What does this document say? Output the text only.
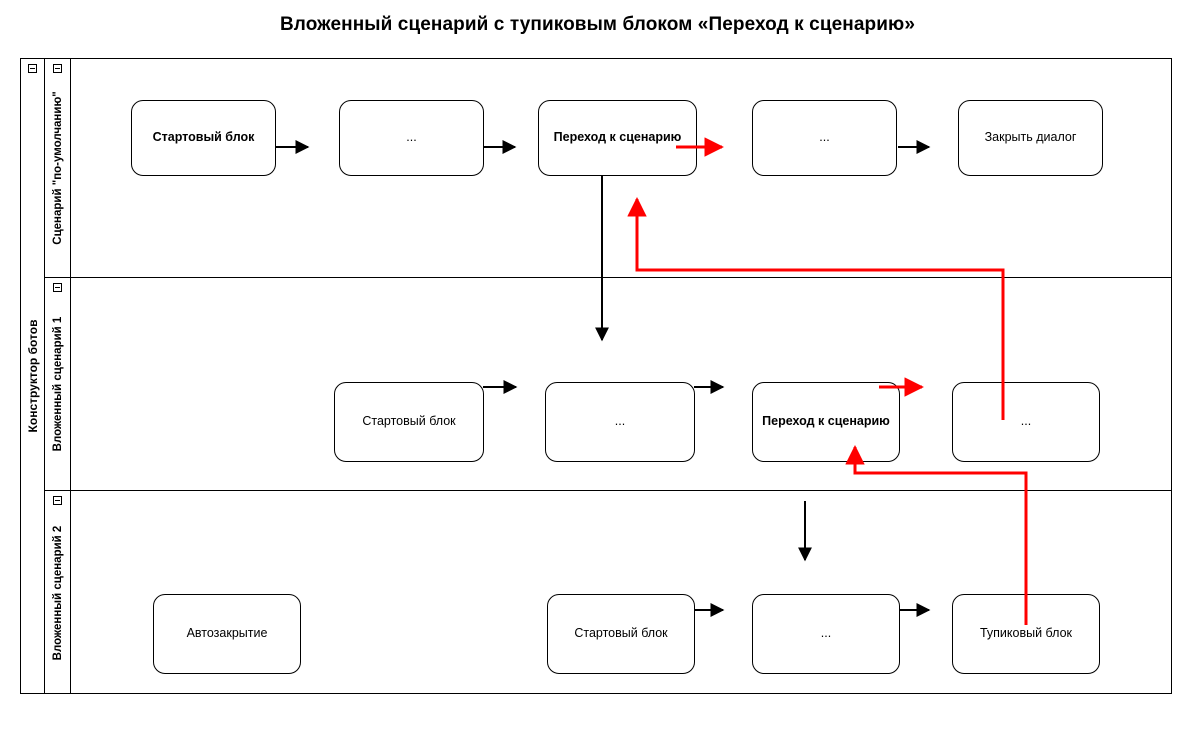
Вложенный сценарий с тупиковым блоком «Переход к сценарию»
Конструктор ботов
Сценарий "по-умолчанию"	Стартовый блок	...	Переход к сценарию	...	Закрыть диалог
Вложенный сценарий 1	Стартовый блок	...	Переход к сценарию	...
Вложенный сценарий 2	Автозакрытие	Стартовый блок	...	Тупиковый блок
